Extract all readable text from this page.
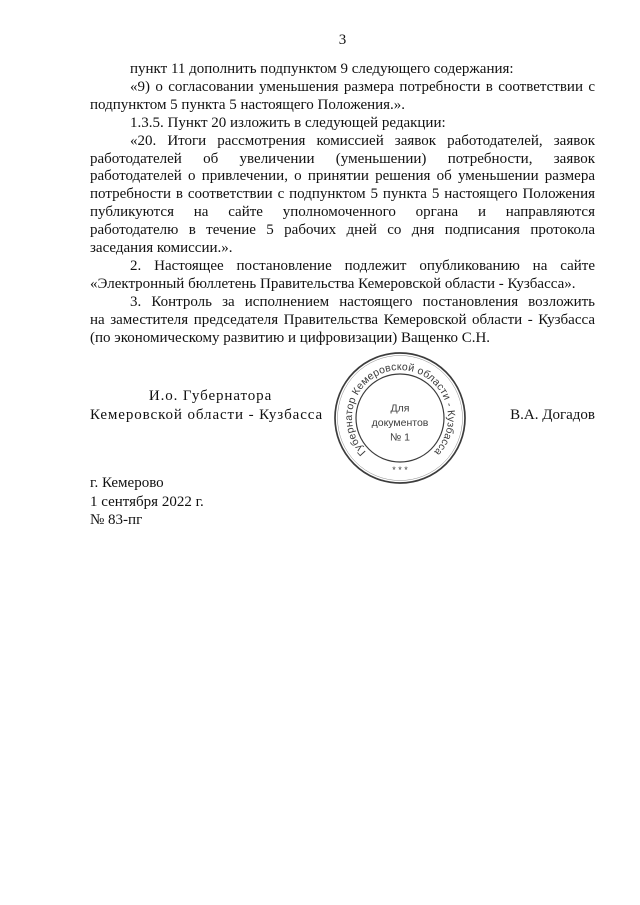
3

пункт 11 дополнить подпунктом 9 следующего содержания:

«9) о согласовании уменьшения размера потребности в соответствии с
подпунктом 5 пункта 5 настоящего Положения.».

1.3.5. Пункт 20 изложить в следующей редакции:

«20. Итоги рассмотрения комиссией заявок работодателей, заявок
работодателей об увеличении (уменьшении) потребности, заявок
работодателей о привлечении, о принятии решения об уменьшении размера
потребности в соответствии с подпунктом 5 пункта 5 настоящего Положения
публикуются на сайте уполномоченного органа и направляются
работодателю в течение 5 рабочих дней со дня подписания протокола
заседания комиссии.».

2. Настоящее постановление подлежит опубликованию на сайте
«Электронный бюллетень Правительства Кемеровской области - Кузбасса».

3. Контроль за исполнением настоящего постановления возложить
на заместителя председателя Правительства Кемеровской области - Кузбасса
(по экономическому развитию и цифровизации) Ващенко С.Н.

И.о. Губернатора
Кемеровской области - Кузбасса	В.А. Догадов
Губернатор Кемеровской области - Кузбасса
* * *
Для
документов
№ 1
г. Кемерово
1 сентября 2022 г.
№ 83-пг
